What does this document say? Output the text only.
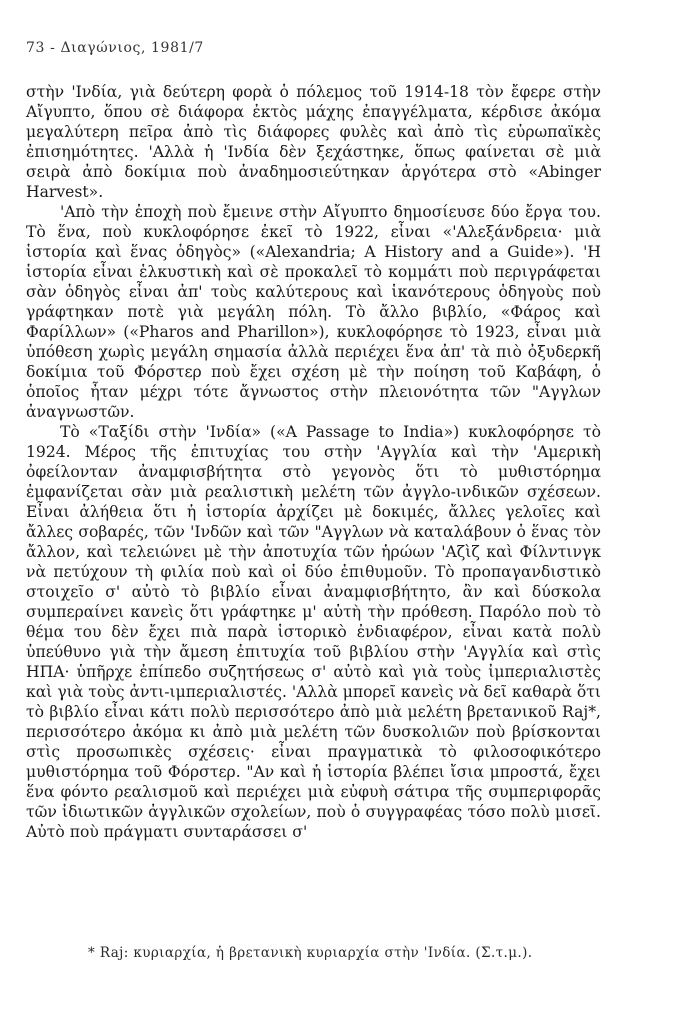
73 - Διαγώνιος, 1981/7

στὴν 'Ινδία, γιὰ δεύτερη φορὰ ὁ πόλεμος τοῦ 1914-18 τὸν ἔφερε στὴν Αἴγυπτο, ὅπου σὲ διάφορα ἐκτὸς μάχης ἐπαγγέλματα, κέρδισε ἀκόμα μεγαλύτερη πεῖρα ἀπὸ τὶς διάφορες φυλὲς καὶ ἀπὸ τὶς εὐρωπαϊκὲς ἐπισημότητες. 'Αλλὰ ἡ 'Ινδία δὲν ξεχάστηκε, ὅπως φαίνεται σὲ μιὰ σειρὰ ἀπὸ δοκίμια ποὺ ἀναδημοσιεύτηκαν ἀργότερα στὸ «Abinger Harvest».

'Απὸ τὴν ἐποχὴ ποὺ ἔμεινε στὴν Αἴγυπτο δημοσίευσε δύο ἔργα του. Τὸ ἕνα, ποὺ κυκλοφόρησε ἐκεῖ τὸ 1922, εἶναι «'Αλεξάνδρεια· μιὰ ἱστορία καὶ ἕνας ὁδηγὸς» («Alexandria; A History and a Guide»). 'Η ἱστορία εἶναι ἑλκυστικὴ καὶ σὲ προκαλεῖ τὸ κομμάτι ποὺ περιγράφεται σὰν ὁδηγὸς εἶναι ἀπ' τοὺς καλύτερους καὶ ἱκανότερους ὁδηγοὺς ποὺ γράφτηκαν ποτὲ γιὰ μεγάλη πόλη. Τὸ ἄλλο βιβλίο, «Φάρος καὶ Φαρίλλων» («Pharos and Pharillon»), κυκλοφόρησε τὸ 1923, εἶναι μιὰ ὑπόθεση χωρὶς μεγάλη σημασία ἀλλὰ περιέχει ἕνα ἀπ' τὰ πιὸ ὀξυδερκῆ δοκίμια τοῦ Φόρστερ ποὺ ἔχει σχέση μὲ τὴν ποίηση τοῦ Καβάφη, ὁ ὁποῖος ἦταν μέχρι τότε ἄγνωστος στὴν πλειονότητα τῶν "Αγγλων ἀναγνωστῶν.

Τὸ «Ταξίδι στὴν 'Ινδία» («A Passage to India») κυκλοφόρησε τὸ 1924. Μέρος τῆς ἐπιτυχίας του στὴν 'Αγγλία καὶ τὴν 'Αμερικὴ ὀφείλονταν ἀναμφισβήτητα στὸ γεγονὸς ὅτι τὸ μυθιστόρημα ἐμφανίζεται σὰν μιὰ ρεαλιστικὴ μελέτη τῶν ἀγγλο-ινδικῶν σχέσεων. Εἶναι ἀλήθεια ὅτι ἡ ἱστορία ἀρχίζει μὲ δοκιμές, ἄλλες γελοῖες καὶ ἄλλες σοβαρές, τῶν 'Ινδῶν καὶ τῶν "Αγγλων νὰ καταλάβουν ὁ ἕνας τὸν ἄλλον, καὶ τελειώνει μὲ τὴν ἀποτυχία τῶν ἡρώων 'Αζὶζ καὶ Φίλντινγκ νὰ πετύχουν τὴ φιλία ποὺ καὶ οἱ δύο ἐπιθυμοῦν. Τὸ προπαγανδιστικὸ στοιχεῖο σ' αὐτὸ τὸ βιβλίο εἶναι ἀναμφισβήτητο, ἂν καὶ δύσκολα συμπεραίνει κανεὶς ὅτι γράφτηκε μ' αὐτὴ τὴν πρόθεση. Παρόλο ποὺ τὸ θέμα του δὲν ἔχει πιὰ παρὰ ἱστορικὸ ἐνδιαφέρον, εἶναι κατὰ πολὺ ὑπεύθυνο γιὰ τὴν ἄμεση ἐπιτυχία τοῦ βιβλίου στὴν 'Αγγλία καὶ στὶς ΗΠΑ· ὑπῆρχε ἐπίπεδο συζητήσεως σ' αὐτὸ καὶ γιὰ τοὺς ἰμπεριαλιστὲς καὶ γιὰ τοὺς ἀντι-ιμπεριαλιστές. 'Αλλὰ μπορεῖ κανεὶς νὰ δεῖ καθαρὰ ὅτι τὸ βιβλίο εἶναι κάτι πολὺ περισσότερο ἀπὸ μιὰ μελέτη βρετανικοῦ Raj*, περισσότερο ἀκόμα κι ἀπὸ μιὰ μελέτη τῶν δυσκολιῶν ποὺ βρίσκονται στὶς προσωπικὲς σχέσεις· εἶναι πραγματικὰ τὸ φιλοσοφικότερο μυθιστόρημα τοῦ Φόρστερ. "Αν καὶ ἡ ἱστορία βλέπει ἴσια μπροστά, ἔχει ἕνα φόντο ρεαλισμοῦ καὶ περιέχει μιὰ εὐφυὴ σάτιρα τῆς συμπεριφορᾶς τῶν ἰδιωτικῶν ἀγγλικῶν σχολείων, ποὺ ὁ συγγραφέας τόσο πολὺ μισεῖ. Αὐτὸ ποὺ πράγματι συνταράσσει σ'

* Raj: κυριαρχία, ἡ βρετανικὴ κυριαρχία στὴν 'Ινδία. (Σ.τ.μ.).
